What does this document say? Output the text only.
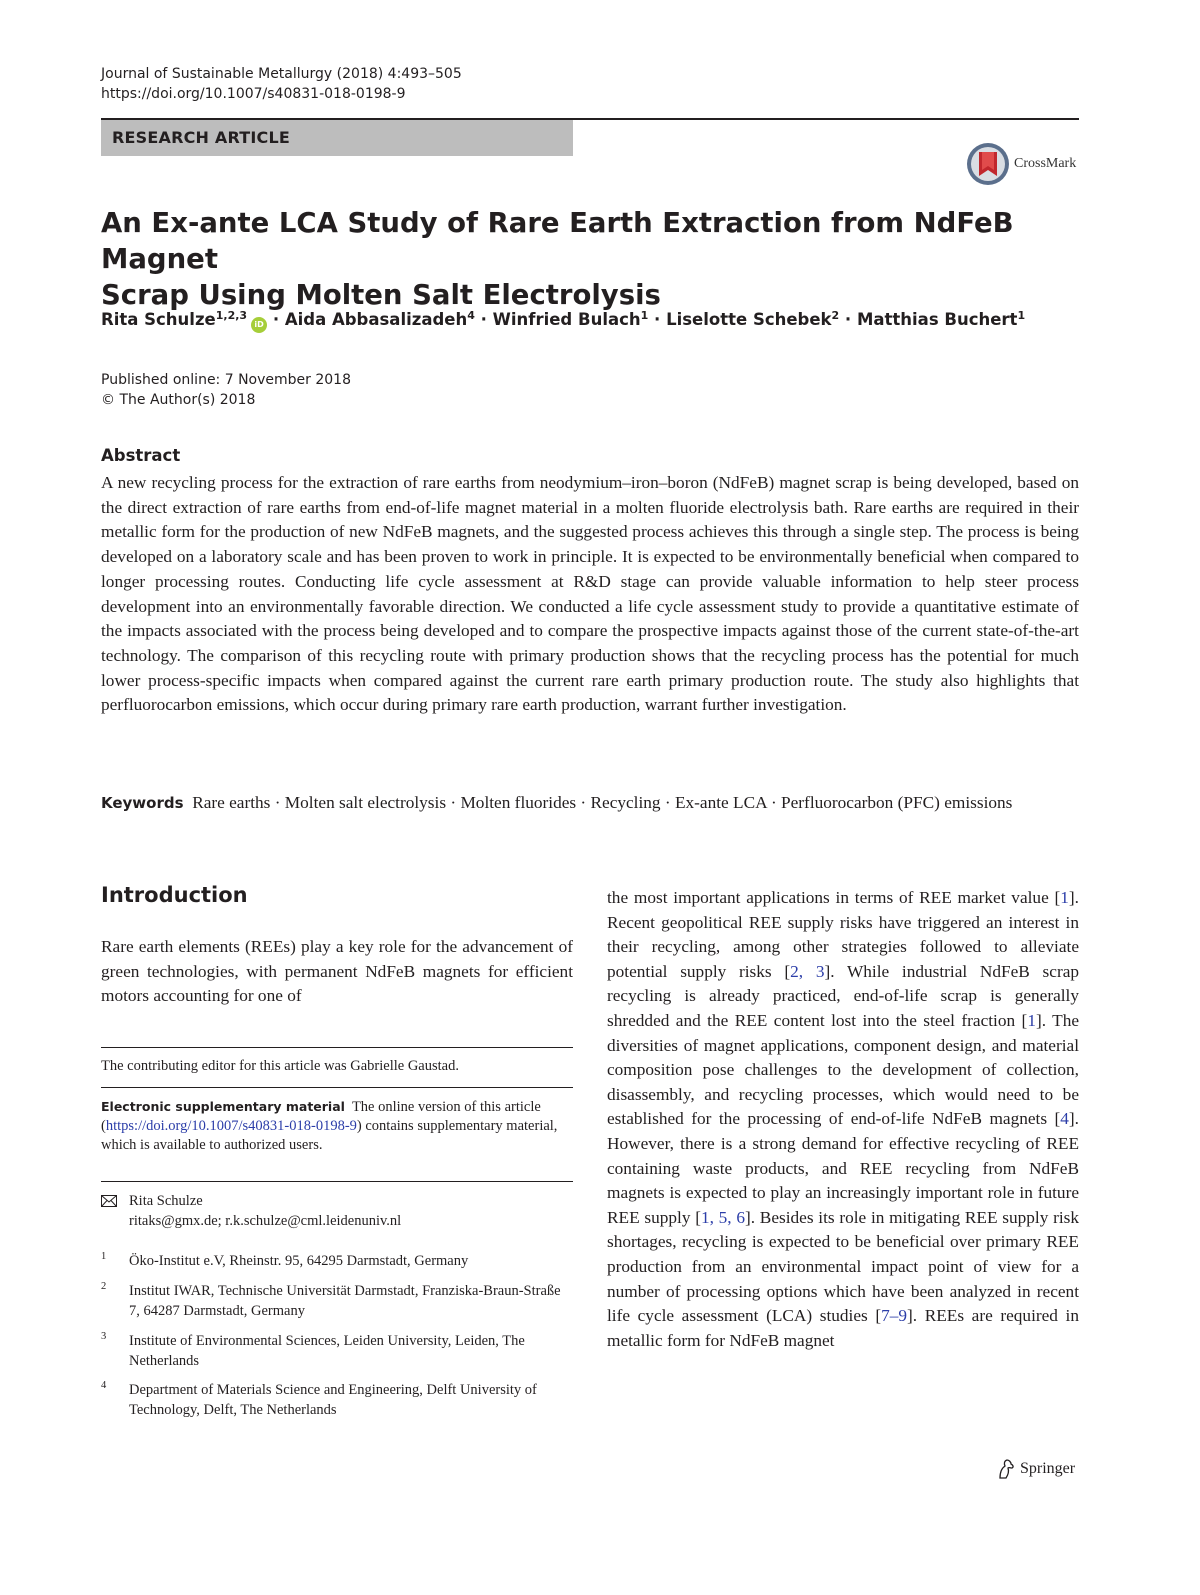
Journal of Sustainable Metallurgy (2018) 4:493–505
https://doi.org/10.1007/s40831-018-0198-9
RESEARCH ARTICLE
CrossMark
An Ex-ante LCA Study of Rare Earth Extraction from NdFeB Magnet
Scrap Using Molten Salt Electrolysis
Rita Schulze$^{1,2,3}$iD · Aida Abbasalizadeh$^4$ · Winfried Bulach$^1$ · Liselotte Schebek$^2$ · Matthias Buchert$^1$
Published online: 7 November 2018
© The Author(s) 2018
Abstract
A new recycling process for the extraction of rare earths from neodymium–iron–boron (NdFeB) magnet scrap is being developed, based on the direct extraction of rare earths from end-of-life magnet material in a molten fluoride electrolysis bath. Rare earths are required in their metallic form for the production of new NdFeB magnets, and the suggested process achieves this through a single step. The process is being developed on a laboratory scale and has been proven to work in principle. It is expected to be environmentally beneficial when compared to longer processing routes. Conducting life cycle assessment at R&D stage can provide valuable information to help steer process development into an environmentally favorable direction. We conducted a life cycle assessment study to provide a quantitative estimate of the impacts associated with the process being developed and to compare the prospective impacts against those of the current state-of-the-art technology. The comparison of this recycling route with primary production shows that the recycling process has the potential for much lower process-specific impacts when compared against the current rare earth primary production route. The study also highlights that perfluorocarbon emissions, which occur during primary rare earth production, warrant further investigation.
Keywords Rare earths · Molten salt electrolysis · Molten fluorides · Recycling · Ex-ante LCA · Perfluorocarbon (PFC) emissions
Introduction
Rare earth elements (REEs) play a key role for the advancement of green technologies, with permanent NdFeB magnets for efficient motors accounting for one of
the most important applications in terms of REE market value [1]. Recent geopolitical REE supply risks have triggered an interest in their recycling, among other strategies followed to alleviate potential supply risks [2, 3]. While industrial NdFeB scrap recycling is already practiced, end-of-life scrap is generally shredded and the REE content lost into the steel fraction [1]. The diversities of magnet applications, component design, and material composition pose challenges to the development of collection, disassembly, and recycling processes, which would need to be established for the processing of end-of-life NdFeB magnets [4]. However, there is a strong demand for effective recycling of REE containing waste products, and REE recycling from NdFeB magnets is expected to play an increasingly important role in future REE supply [1, 5, 6]. Besides its role in mitigating REE supply risk shortages, recycling is expected to be beneficial over primary REE production from an environmental impact point of view for a number of processing options which have been analyzed in recent life cycle assessment (LCA) studies [7–9]. REEs are required in metallic form for NdFeB magnet
The contributing editor for this article was Gabrielle Gaustad.
Electronic supplementary material The online version of this article (https://doi.org/10.1007/s40831-018-0198-9) contains supplementary material, which is available to authorized users.
Rita Schulze
ritaks@gmx.de; r.k.schulze@cml.leidenuniv.nl
1 Öko-Institut e.V, Rheinstr. 95, 64295 Darmstadt, Germany
2 Institut IWAR, Technische Universität Darmstadt, Franziska-Braun-Straße 7, 64287 Darmstadt, Germany
3 Institute of Environmental Sciences, Leiden University, Leiden, The Netherlands
4 Department of Materials Science and Engineering, Delft University of Technology, Delft, The Netherlands
Springer
